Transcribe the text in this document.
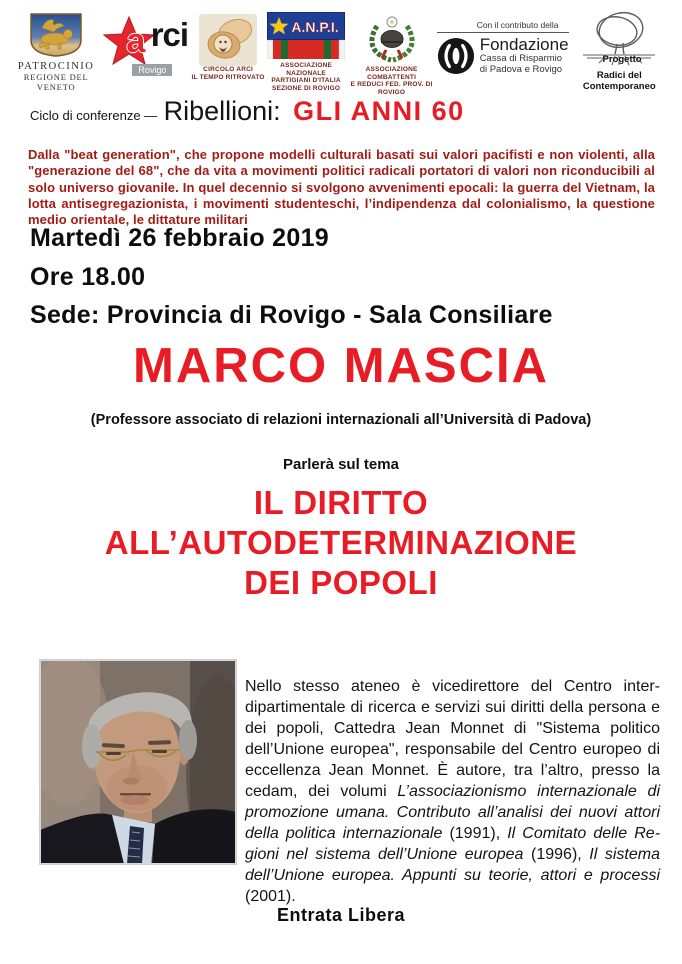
PATROCINIO
REGIONE DEL VENETO
a rci
Rovigo	CIRCOLO ARCI
IL TEMPO RITROVATO
A.N.P.I.
ASSOCIAZIONE
NAZIONALE
PARTIGIANI D'ITALIA
SEZIONE DI ROVIGO
ASSOCIAZIONE COMBATTENTI
E REDUCI FED. PROV. DI ROVIGO
Con il contributo della
Fondazione
Cassa di Risparmio
di Padova e Rovigo
Progetto
Radici del Contemporaneo
Ciclo di conferenze — Ribellioni: GLI ANNI 60

Dalla "beat generation", che propone modelli culturali basati sui valori pacifisti e non violenti, alla "generazione del 68", che da vita a movimenti politici radicali portatori di valori non riconducibili al solo universo giovanile. In quel decennio si svolgono avvenimenti epocali: la guerra del Vietnam, la lotta antisegregazionista, i movimenti studenteschi, l’indipendenza dal colonialismo, la questione medio orientale, le dittature militari

Martedì 26 febbraio 2019
Ore 18.00
Sede: Provincia di Rovigo - Sala Consiliare
MARCO MASCIA
(Professore associato di relazioni internazionali all’Università di Padova)
Parlerà sul tema
IL DIRITTO
ALL’AUTODETERMINAZIONE
DEI POPOLI

Nello stesso ateneo è vicedirettore del Centro interdipartimentale di ricerca e servizi sui diritti della persona e dei popoli, Cattedra Jean Monnet di "Sistema politico dell’Unione europea", responsabile del Centro europeo di eccellenza Jean Monnet. È autore, tra l’altro, presso la cedam, dei volumi L’associazionismo internazionale di promozione umana. Contributo all’analisi dei nuovi attori della politica internazionale (1991), Il Comitato delle Regioni nel sistema dell’Unione europea (1996), Il sistema dell’Unione europea. Appunti su teorie, attori e processi (2001).

Entrata Libera
